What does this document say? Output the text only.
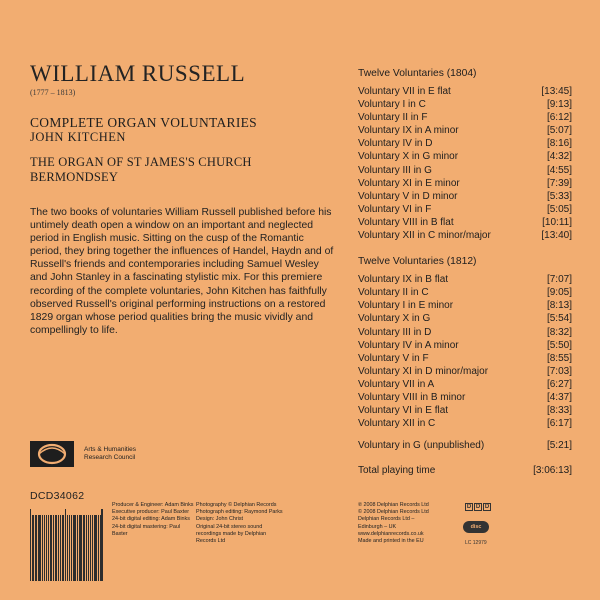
WILLIAM RUSSELL
(1777 – 1813)
COMPLETE ORGAN VOLUNTARIES
JOHN KITCHEN
THE ORGAN OF ST JAMES'S CHURCH
BERMONDSEY

The two books of voluntaries William Russell published before his untimely death open a window on an important and neglected period in English music. Sitting on the cusp of the Romantic period, they bring together the influences of Handel, Haydn and of Russell's friends and contemporaries including Samuel Wesley and John Stanley in a fascinating stylistic mix. For this premiere recording of the complete voluntaries, John Kitchen has faithfully observed Russell's original performing instructions on a restored 1829 organ whose period qualities bring the music vividly and compellingly to life.

Arts & Humanities
Research Council
DCD34062
Producer & Engineer: Adam Binks
Executive producer: Paul Baxter
24-bit digital editing: Adam Binks
24-bit digital mastering: Paul Baxter
Photography © Delphian Records
Photograph editing: Raymond Parks
Design: John Christ
Original 24-bit stereo sound
recordings made by Delphian
Records Ltd
℗ 2008 Delphian Records Ltd
© 2008 Delphian Records Ltd
Delphian Records Ltd –
Edinburgh – UK
www.delphianrecords.co.uk
Made and printed in the EU
D D D
disc
LC 12979
Twelve Voluntaries (1804)
Voluntary VII in E flat	[13:45]
Voluntary I in C	[9:13]
Voluntary II in F	[6:12]
Voluntary IX in A minor	[5:07]
Voluntary IV in D	[8:16]
Voluntary X in G minor	[4:32]
Voluntary III in G	[4:55]
Voluntary XI in E minor	[7:39]
Voluntary V in D minor	[5:33]
Voluntary VI in F	[5:05]
Voluntary VIII in B flat	[10:11]
Voluntary XII in C minor/major	[13:40]
Twelve Voluntaries (1812)
Voluntary IX in B flat	[7:07]
Voluntary II in C	[9:05]
Voluntary I in E minor	[8:13]
Voluntary X in G	[5:54]
Voluntary III in D	[8:32]
Voluntary IV in A minor	[5:50]
Voluntary V in F	[8:55]
Voluntary XI in D minor/major	[7:03]
Voluntary VII in A	[6:27]
Voluntary VIII in B minor	[4:37]
Voluntary VI in E flat	[8:33]
Voluntary XII in C	[6:17]
Voluntary in G (unpublished)	[5:21]
Total playing time	[3:06:13]
